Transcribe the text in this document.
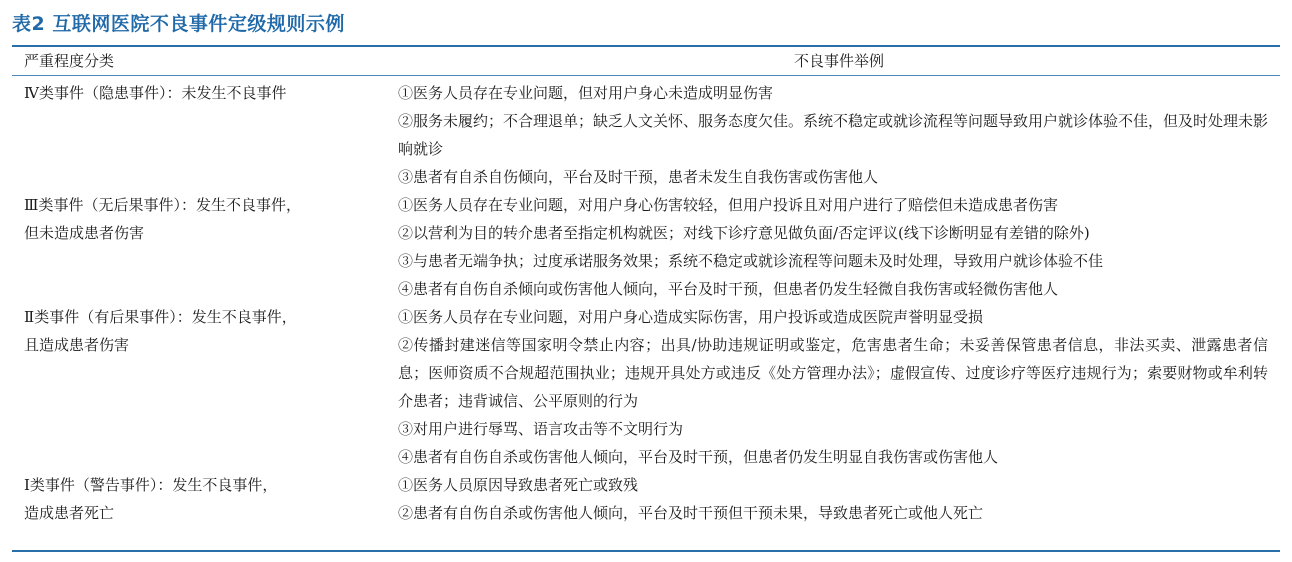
表2 互联网医院不良事件定级规则示例
严重程度分类	不良事件举例
Ⅳ类事件（隐患事件）：未发生不良事件	①医务人员存在专业问题，但对用户身心未造成明显伤害
②服务未履约；不合理退单；缺乏人文关怀、服务态度欠佳。系统不稳定或就诊流程等问题导致用户就诊体验不佳，但及时处理未影响就诊
③患者有自杀自伤倾向，平台及时干预，患者未发生自我伤害或伤害他人
Ⅲ类事件（无后果事件）：发生不良事件，
但未造成患者伤害
①医务人员存在专业问题，对用户身心伤害较轻，但用户投诉且对用户进行了赔偿但未造成患者伤害
②以营利为目的转介患者至指定机构就医；对线下诊疗意见做负面/否定评议(线下诊断明显有差错的除外)
③与患者无端争执；过度承诺服务效果；系统不稳定或就诊流程等问题未及时处理，导致用户就诊体验不佳
④患者有自伤自杀倾向或伤害他人倾向，平台及时干预，但患者仍发生轻微自我伤害或轻微伤害他人
Ⅱ类事件（有后果事件）：发生不良事件，
且造成患者伤害
①医务人员存在专业问题，对用户身心造成实际伤害，用户投诉或造成医院声誉明显受损
②传播封建迷信等国家明令禁止内容；出具/协助违规证明或鉴定，危害患者生命；未妥善保管患者信息，非法买卖、泄露患者信息；医师资质不合规超范围执业；违规开具处方或违反《处方管理办法》；虚假宣传、过度诊疗等医疗违规行为；索要财物或牟利转介患者；违背诚信、公平原则的行为
③对用户进行辱骂、语言攻击等不文明行为
④患者有自伤自杀或伤害他人倾向，平台及时干预，但患者仍发生明显自我伤害或伤害他人
Ⅰ类事件（警告事件）：发生不良事件，
造成患者死亡
①医务人员原因导致患者死亡或致残
②患者有自伤自杀或伤害他人倾向，平台及时干预但干预未果，导致患者死亡或他人死亡
